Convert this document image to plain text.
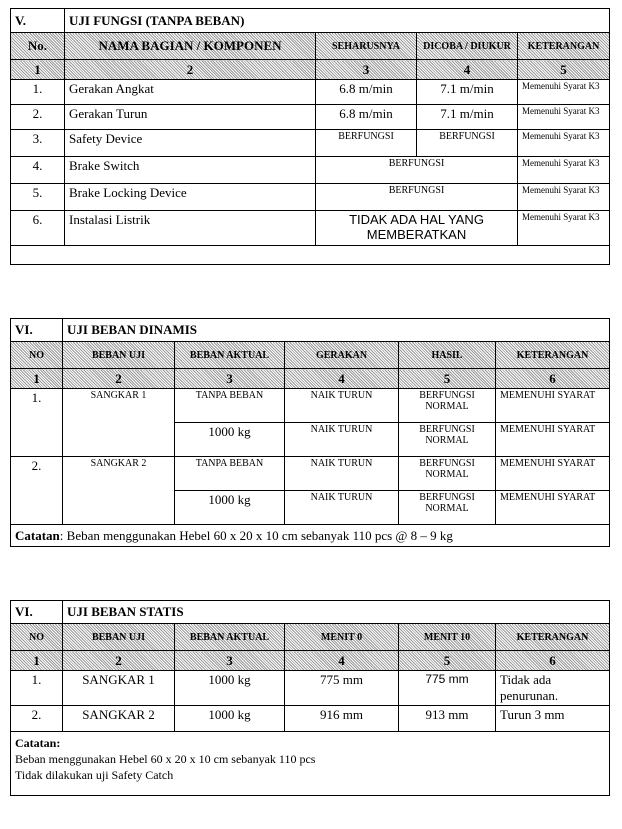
V.	UJI FUNGSI (TANPA BEBAN)			
No.	NAMA BAGIAN / KOMPONEN	SEHARUSNYA	DICOBA / DIUKUR	KETERANGAN
1	2	3	4	5
1.	Gerakan Angkat	6.8 m/min	7.1 m/min	Memenuhi Syarat K3
2.	Gerakan Turun	6.8 m/min	7.1 m/min	Memenuhi Syarat K3
3.	Safety Device	BERFUNGSI	BERFUNGSI	Memenuhi Syarat K3
4.	Brake Switch	BERFUNGSI		Memenuhi Syarat K3
5.	Brake Locking Device	BERFUNGSI		Memenuhi Syarat K3
6.	Instalasi Listrik	TIDAK ADA HAL YANG MEMBERATKAN		Memenuhi Syarat K3

VI.	UJI BEBAN DINAMIS				
NO	BEBAN UJI	BEBAN AKTUAL	GERAKAN	HASIL	KETERANGAN
1	2	3	4	5	6
1.	SANGKAR 1	TANPA BEBAN	NAIK TURUN	BERFUNGSI NORMAL	MEMENUHI SYARAT
		1000 kg	NAIK TURUN	BERFUNGSI NORMAL	MEMENUHI SYARAT
2.	SANGKAR 2	TANPA BEBAN	NAIK TURUN	BERFUNGSI NORMAL	MEMENUHI SYARAT
		1000 kg	NAIK TURUN	BERFUNGSI NORMAL	MEMENUHI SYARAT
Catatan: Beban menggunakan Hebel 60 x 20 x 10 cm sebanyak 110 pcs @ 8 – 9 kg					
VI.	UJI BEBAN STATIS				
NO	BEBAN UJI	BEBAN AKTUAL	MENIT 0	MENIT 10	KETERANGAN
1	2	3	4	5	6
1.	SANGKAR 1	1000 kg	775 mm	775 mm	Tidak ada penurunan.
2.	SANGKAR 2	1000 kg	916 mm	913 mm	Turun 3 mm

Catatan:
Beban menggunakan Hebel 60 x 20 x 10 cm sebanyak 110 pcs
Tidak dilakukan uji Safety Catch					
